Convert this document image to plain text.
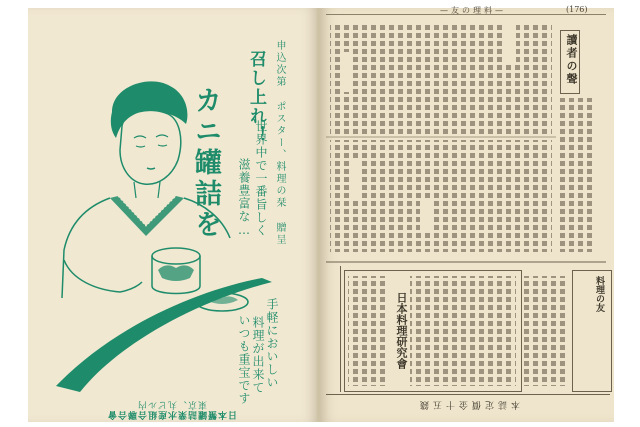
召し上れ！
世界中で一番旨しく
滋養豊富な…
カニ罐詰を	申込次第 ポスター、料理の栞 贈呈
手軽においしい
料理が出来て
いつも重宝です
東京、丸ビル内
日本蟹罐詰業水産組合聯合會
—友の理料—	(176)
讀者の聲
日本料理研究會	料理の友
本誌定價金十五錢
